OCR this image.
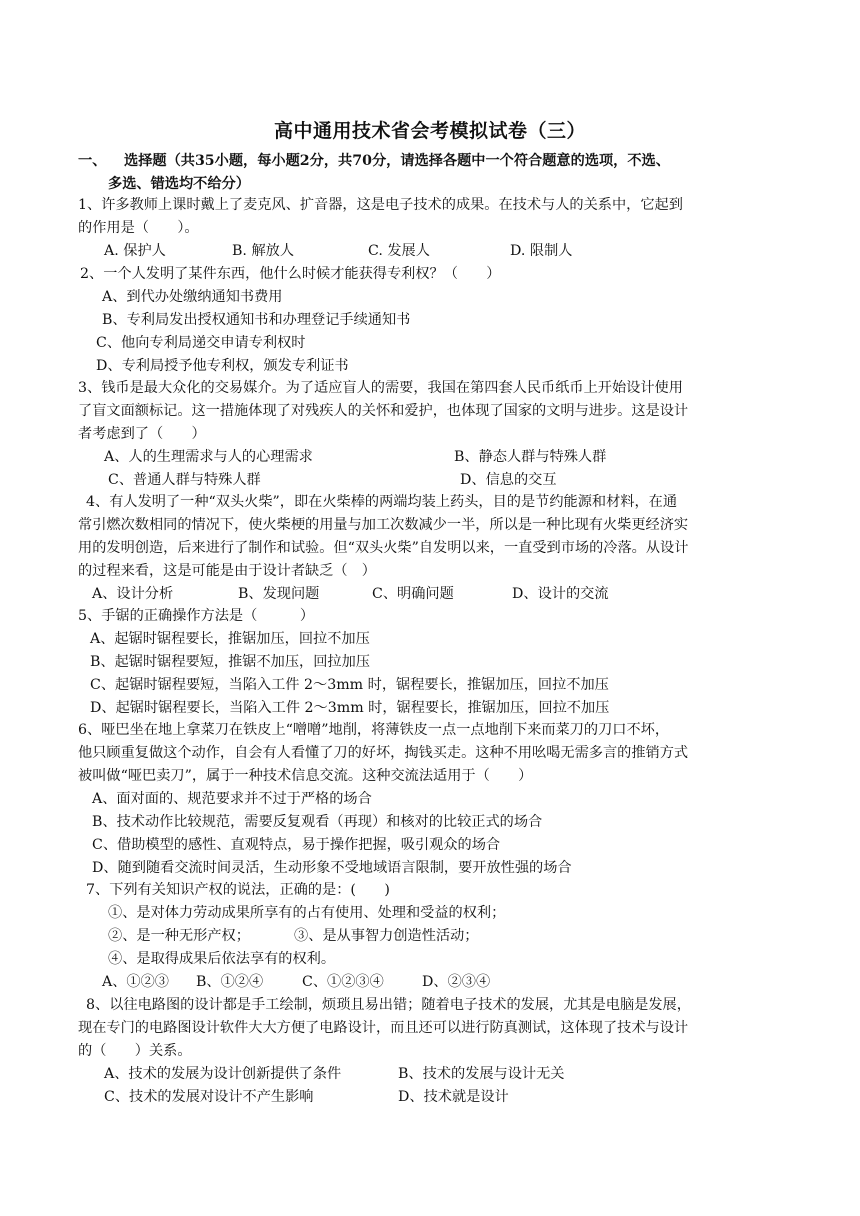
高中通用技术省会考模拟试卷（三）
一、 选择题（共35小题，每小题2分，共70分，请选择各题中一个符合题意的选项，不选、
多选、错选均不给分）
1、许多教师上课时戴上了麦克风、扩音器，这是电子技术的成果。在技术与人的关系中，它起到
的作用是（　　）。
A. 保护人	B. 解放人	C. 发展人	D. 限制人
2、一个人发明了某件东西，他什么时候才能获得专利权？（　　）
A、到代办处缴纳通知书费用
B、专利局发出授权通知书和办理登记手续通知书
C、他向专利局递交申请专利权时
D、专利局授予他专利权，颁发专利证书
3、钱币是最大众化的交易媒介。为了适应盲人的需要，我国在第四套人民币纸币上开始设计使用
了盲文面额标记。这一措施体现了对残疾人的关怀和爱护，也体现了国家的文明与进步。这是设计
者考虑到了（　　）
A、人的生理需求与人的心理需求	B、静态人群与特殊人群
C、普通人群与特殊人群	D、信息的交互
4、有人发明了一种“双头火柴”，即在火柴棒的两端均装上药头，目的是节约能源和材料，在通
常引燃次数相同的情况下，使火柴梗的用量与加工次数减少一半，所以是一种比现有火柴更经济实
用的发明创造，后来进行了制作和试验。但“双头火柴”自发明以来，一直受到市场的冷落。从设计
的过程来看，这是可能是由于设计者缺乏（　）
A、设计分析	B、发现问题	C、明确问题	D、设计的交流
5、手锯的正确操作方法是（　　　）
A、起锯时锯程要长，推锯加压，回拉不加压
B、起锯时锯程要短，推锯不加压，回拉加压
C、起锯时锯程要短，当陷入工件 2～3mm 时，锯程要长，推锯加压，回拉不加压
D、起锯时锯程要长，当陷入工件 2～3mm 时，锯程要长，推锯加压，回拉不加压
6、哑巴坐在地上拿菜刀在铁皮上“噌噌”地削，将薄铁皮一点一点地削下来而菜刀的刀口不坏，
他只顾重复做这个动作，自会有人看懂了刀的好坏，掏钱买走。这种不用吆喝无需多言的推销方式
被叫做“哑巴卖刀”，属于一种技术信息交流。这种交流法适用于（　　）
A、面对面的、规范要求并不过于严格的场合
B、技术动作比较规范，需要反复观看（再现）和核对的比较正式的场合
C、借助模型的感性、直观特点，易于操作把握，吸引观众的场合
D、随到随看交流时间灵活，生动形象不受地域语言限制，要开放性强的场合
7、下列有关知识产权的说法，正确的是：(　　)
①、是对体力劳动成果所享有的占有使用、处理和受益的权利；
②、是一种无形产权；	③、是从事智力创造性活动；
④、是取得成果后依法享有的权利。
A、①②③ B、①②④	C、①②③④	D、②③④
8、以往电路图的设计都是手工绘制，烦琐且易出错；随着电子技术的发展，尤其是电脑是发展，
现在专门的电路图设计软件大大方便了电路设计，而且还可以进行防真测试，这体现了技术与设计
的（　　）关系。
A、技术的发展为设计创新提供了条件	B、技术的发展与设计无关
C、技术的发展对设计不产生影响	D、技术就是设计
